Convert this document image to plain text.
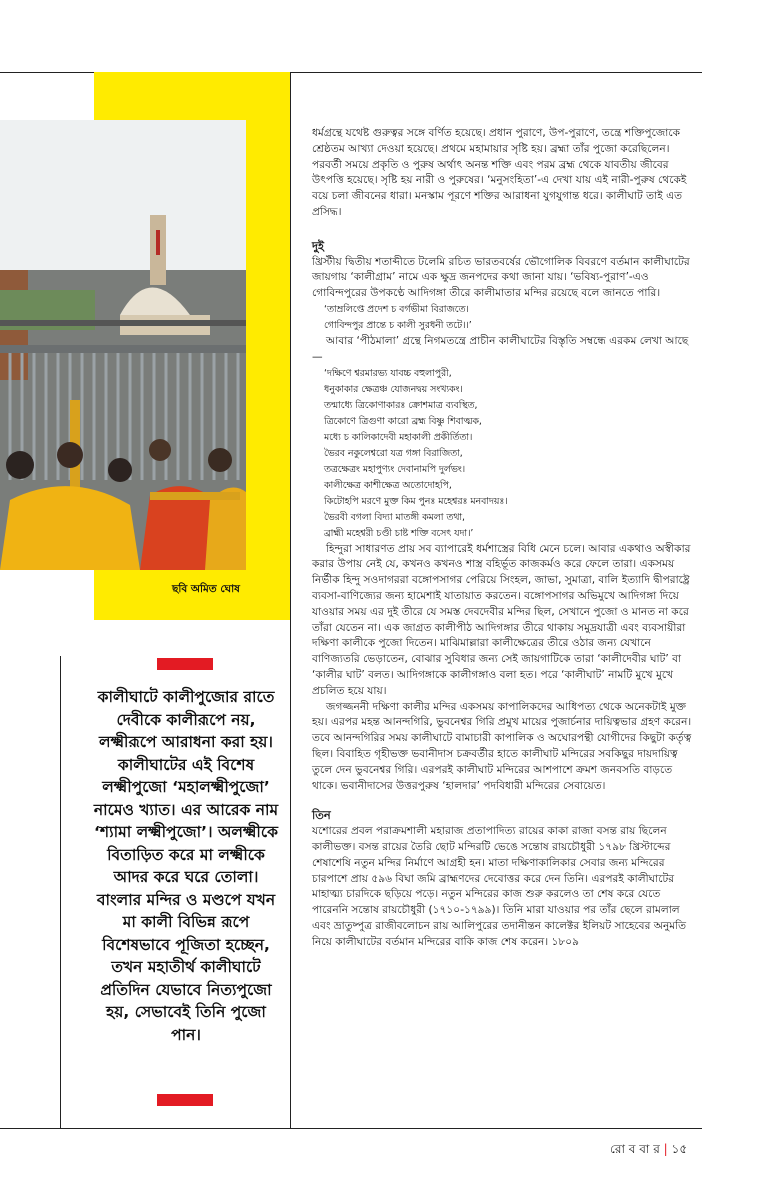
ছবি অমিত ঘোষ
কালীঘাটে কালীপুজোর রাতে দেবীকে কালীরূপে নয়, লক্ষ্মীরূপে আরাধনা করা হয়। কালীঘাটের এই বিশেষ লক্ষ্মীপুজো ‘মহালক্ষ্মীপুজো’ নামেও খ্যাত। এর আরেক নাম ‘শ্যামা লক্ষ্মীপুজো’। অলক্ষ্মীকে বিতাড়িত করে মা লক্ষ্মীকে আদর করে ঘরে তোলা। বাংলার মন্দির ও মণ্ডপে যখন মা কালী বিভিন্ন রূপে বিশেষভাবে পূজিতা হচ্ছেন, তখন মহাতীর্থ কালীঘাটে প্রতিদিন যেভাবে নিত্যপুজো হয়, সেভাবেই তিনি পুজো পান।

ধর্মগ্রন্থে যথেষ্ট গুরুত্বর সঙ্গে বর্ণিত হয়েছে। প্রধান পুরাণে, উপ-পুরাণে, তন্ত্রে শক্তিপুজোকে শ্রেষ্ঠতম আখ্যা দেওয়া হয়েছে। প্রথমে মহামায়ার সৃষ্টি হয়। ব্রহ্মা তাঁর পুজো করেছিলেন। পরবর্তী সময়ে প্রকৃতি ও পুরুষ অর্থাৎ অনন্ত শক্তি এবং পরম ব্রহ্ম থেকে যাবতীয় জীবের উৎপত্তি হয়েছে। সৃষ্টি হয় নারী ও পুরুষের। ‘মনুসংহিতা’-এ দেখা যায় এই নারী-পুরুষ থেকেই বয়ে চলা জীবনের ধারা। মনস্কাম পূরণে শক্তির আরাধনা যুগযুগান্ত ধরে। কালীঘাট তাই এত প্রসিদ্ধ।

দুই

খ্রিস্টীয় দ্বিতীয় শতাব্দীতে টলেমি রচিত ভারতবর্ষের ভৌগোলিক বিবরণে বর্তমান কালীঘাটের জায়গায় ‘কালীগ্রাম’ নামে এক ক্ষুদ্র জনপদের কথা জানা যায়। ‘ভবিষ্য-পুরাণ’-এও গোবিন্দপুরের উপকণ্ঠে আদিগঙ্গা তীরে কালীমাতার মন্দির রয়েছে বলে জানতে পারি।

‘তাম্রলিপ্তে প্রদেশ চ বর্গভীমা বিরাজতে।

গোবিন্দপুর প্রান্তে চ কালী সুরধনী তটে।।’

আবার ‘পীঠমালা’ গ্রন্থে নিগমতন্ত্রে প্রাচীন কালীঘাটের বিস্তৃতি সম্বন্ধে এরকম লেখা আছে—

‘দক্ষিণে শ্বরমারভ্য যাবচ্চ বহুলাপুরী,

ধনুকাকার ক্ষেত্রঞ্চ যোজনদ্বয় সংখ্যকং।

তন্মাধ্যে ত্রিকোণাকারঃ ক্রোশমাত্র ব্যবস্থিত,

ত্রিকোণে ত্রিগুণা কারো ব্রহ্ম বিষ্ণু শিবাত্মক,

মধ্যে চ কালিকাদেবী মহাকালী প্রকীর্তিতা।

ভৈরব নকুলেশ্বরো যত্র গঙ্গা বিরাজিতা,

তত্রক্ষেত্রং মহাপুণ্যং দেবানামপি দুর্লভং।

কালীক্ষেত্র কাশীক্ষেত্র অতোদোহপি,

কিটোহপি মরণে মুক্ত কিম পুনঃ মহেশ্বরঃ মনবাদয়ঃ।

ভৈরবী বগলা বিদ্যা মাতঙ্গী কমলা তথা,

ব্রাহ্মী মহেশ্বরী চণ্ডী চাষ্ট শক্তি বসেৎ যদা।’

হিন্দুরা সাধারণত প্রায় সব ব্যাপারেই ধর্মশাস্ত্রের বিধি মেনে চলে। আবার একথাও অস্বীকার করার উপায় নেই যে, কখনও কখনও শাস্ত্র বহির্ভূত কাজকর্মও করে ফেলে তারা। একসময় নির্ভীক হিন্দু সওদাগররা বঙ্গোপসাগর পেরিয়ে সিংহল, জাভা, সুমাত্রা, বালি ইত্যাদি দ্বীপরাষ্ট্রে ব্যবসা-বাণিজ্যের জন্য হামেশাই যাতায়াত করতেন। বঙ্গোপসাগর অভিমুখে আদিগঙ্গা দিয়ে যাওয়ার সময় এর দুই তীরে যে সমস্ত দেবদেবীর মন্দির ছিল, সেখানে পুজো ও মানত না করে তাঁরা যেতেন না। এক জাগ্রত কালীপীঠ আদিগঙ্গার তীরে থাকায় সমুদ্রযাত্রী এবং ব্যবসায়ীরা দক্ষিণা কালীকে পুজো দিতেন। মাঝিমাল্লারা কালীক্ষেত্রের তীরে ওঠার জন্য যেখানে বাণিজ্যতরি ভেড়াতেন, বোঝার সুবিধার জন্য সেই জায়গাটিকে তারা ‘কালীদেবীর ঘাট’ বা ‘কালীর ঘাট’ বলত। আদিগঙ্গাকে কালীগঙ্গাও বলা হত। পরে ‘কালীঘাট’ নামটি মুখে মুখে প্রচলিত হয়ে যায়।

জগজ্জননী দক্ষিণা কালীর মন্দির একসময় কাপালিকদের আধিপত্য থেকে অনেকটাই মুক্ত হয়। এরপর মহন্ত আনন্দগিরি, ভুবনেশ্বর গিরি প্রমুখ মায়ের পুজার্চনার দায়িত্বভার গ্রহণ করেন। তবে আনন্দগিরির সময় কালীঘাটে বামাচারী কাপালিক ও অঘোরপন্থী যোগীদের কিছুটা কর্তৃত্ব ছিল। বিবাহিত গৃহীভক্ত ভবানীদাস চক্রবর্তীর হাতে কালীঘাট মন্দিরের সবকিছুর দায়দায়িত্ব তুলে দেন ভুবনেশ্বর গিরি। এরপরই কালীঘাট মন্দিরের আশপাশে ক্রমশ জনবসতি বাড়তে থাকে। ভবানীদাসের উত্তরপুরুষ ‘হালদার’ পদবিধারী মন্দিরের সেবায়েত।

তিন

যশোরের প্রবল পরাক্রমশালী মহারাজ প্রতাপাদিত্য রায়ের কাকা রাজা বসন্ত রায় ছিলেন কালীভক্ত। বসন্ত রায়ের তৈরি ছোট মন্দিরটি ভেঙে সন্তোষ রায়চৌধুরী ১৭৯৮ খ্রিস্টাব্দের শেষাশেষি নতুন মন্দির নির্মাণে আগ্রহী হন। মাতা দক্ষিণাকালিকার সেবার জন্য মন্দিরের চারপাশে প্রায় ৫৯৬ বিঘা জমি ব্রাহ্মণদের দেবোত্তর করে দেন তিনি। এরপরই কালীঘাটের মাহাত্ম্য চারদিকে ছড়িয়ে পড়ে। নতুন মন্দিরের কাজ শুরু করলেও তা শেষ করে যেতে পারেননি সন্তোষ রায়চৌধুরী (১৭১০-১৭৯৯)। তিনি মারা যাওয়ার পর তাঁর ছেলে রামলাল এবং ভ্রাতুষ্পুত্র রাজীবলোচন রায় আলিপুরের তদানীন্তন কালেক্টর ইলিয়ট সাহেবের অনুমতি নিয়ে কালীঘাটের বর্তমান মন্দিরের বাকি কাজ শেষ করেন। ১৮০৯

রো ব বা র | ১৫
